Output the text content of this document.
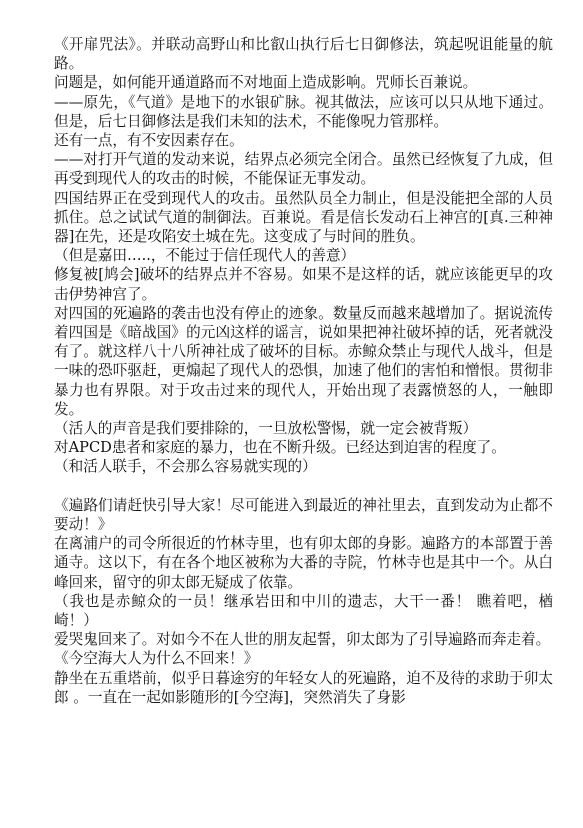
《开扉咒法》。并联动高野山和比叡山执行后七日御修法，筑起呪诅能量的航路。

问题是，如何能开通道路而不对地面上造成影响。咒师长百兼说。

——原先，《气道》是地下的水银矿脉。视其做法，应该可以只从地下通过。但是，后七日御修法是我们未知的法术，不能像呪力管那样。

还有一点，有不安因素存在。

——对打开气道的发动来说，结界点必须完全闭合。虽然已经恢复了九成，但再受到现代人的攻击的时候，不能保证无事发动。

四国结界正在受到现代人的攻击。虽然队员全力制止，但是没能把全部的人员抓住。总之试试气道的制御法。百兼说。看是信长发动石上神宫的[真.三种神器]在先，还是攻陷安土城在先。这变成了与时间的胜负。

（但是嘉田…..，不能过于信任现代人的善意）

修复被[鸠会]破坏的结界点并不容易。如果不是这样的话，就应该能更早的攻击伊势神宫了。

对四国的死遍路的袭击也没有停止的迹象。数量反而越来越增加了。据说流传着四国是《暗战国》的元凶这样的谣言，说如果把神社破坏掉的话，死者就没有了。就这样八十八所神社成了破坏的目标。赤鲸众禁止与现代人战斗，但是一味的恐吓驱赶，更煽起了现代人的恐惧，加速了他们的害怕和憎恨。贯彻非暴力也有界限。对于攻击过来的现代人，开始出现了表露愤怒的人，一触即发。

（活人的声音是我们要排除的，一旦放松警惕，就一定会被背叛）

对APCD患者和家庭的暴力，也在不断升级。已经达到迫害的程度了。

（和活人联手，不会那么容易就实现的）

《遍路们请赶快引导大家！尽可能进入到最近的神社里去，直到发动为止都不要动！》

在离浦户的司令所很近的竹林寺里，也有卯太郎的身影。遍路方的本部置于善通寺。这以下，有在各个地区被称为大番的寺院，竹林寺也是其中一个。从白峰回来，留守的卯太郎无疑成了依靠。

（我也是赤鲸众的一员！继承岩田和中川的遗志，大干一番！ 瞧着吧，楢崎！）

爱哭鬼回来了。对如今不在人世的朋友起誓，卯太郎为了引导遍路而奔走着。

《今空海大人为什么不回来！》

静坐在五重塔前，似乎日暮途穷的年轻女人的死遍路，迫不及待的求助于卯太郎 。一直在一起如影随形的[今空海]，突然消失了身影
